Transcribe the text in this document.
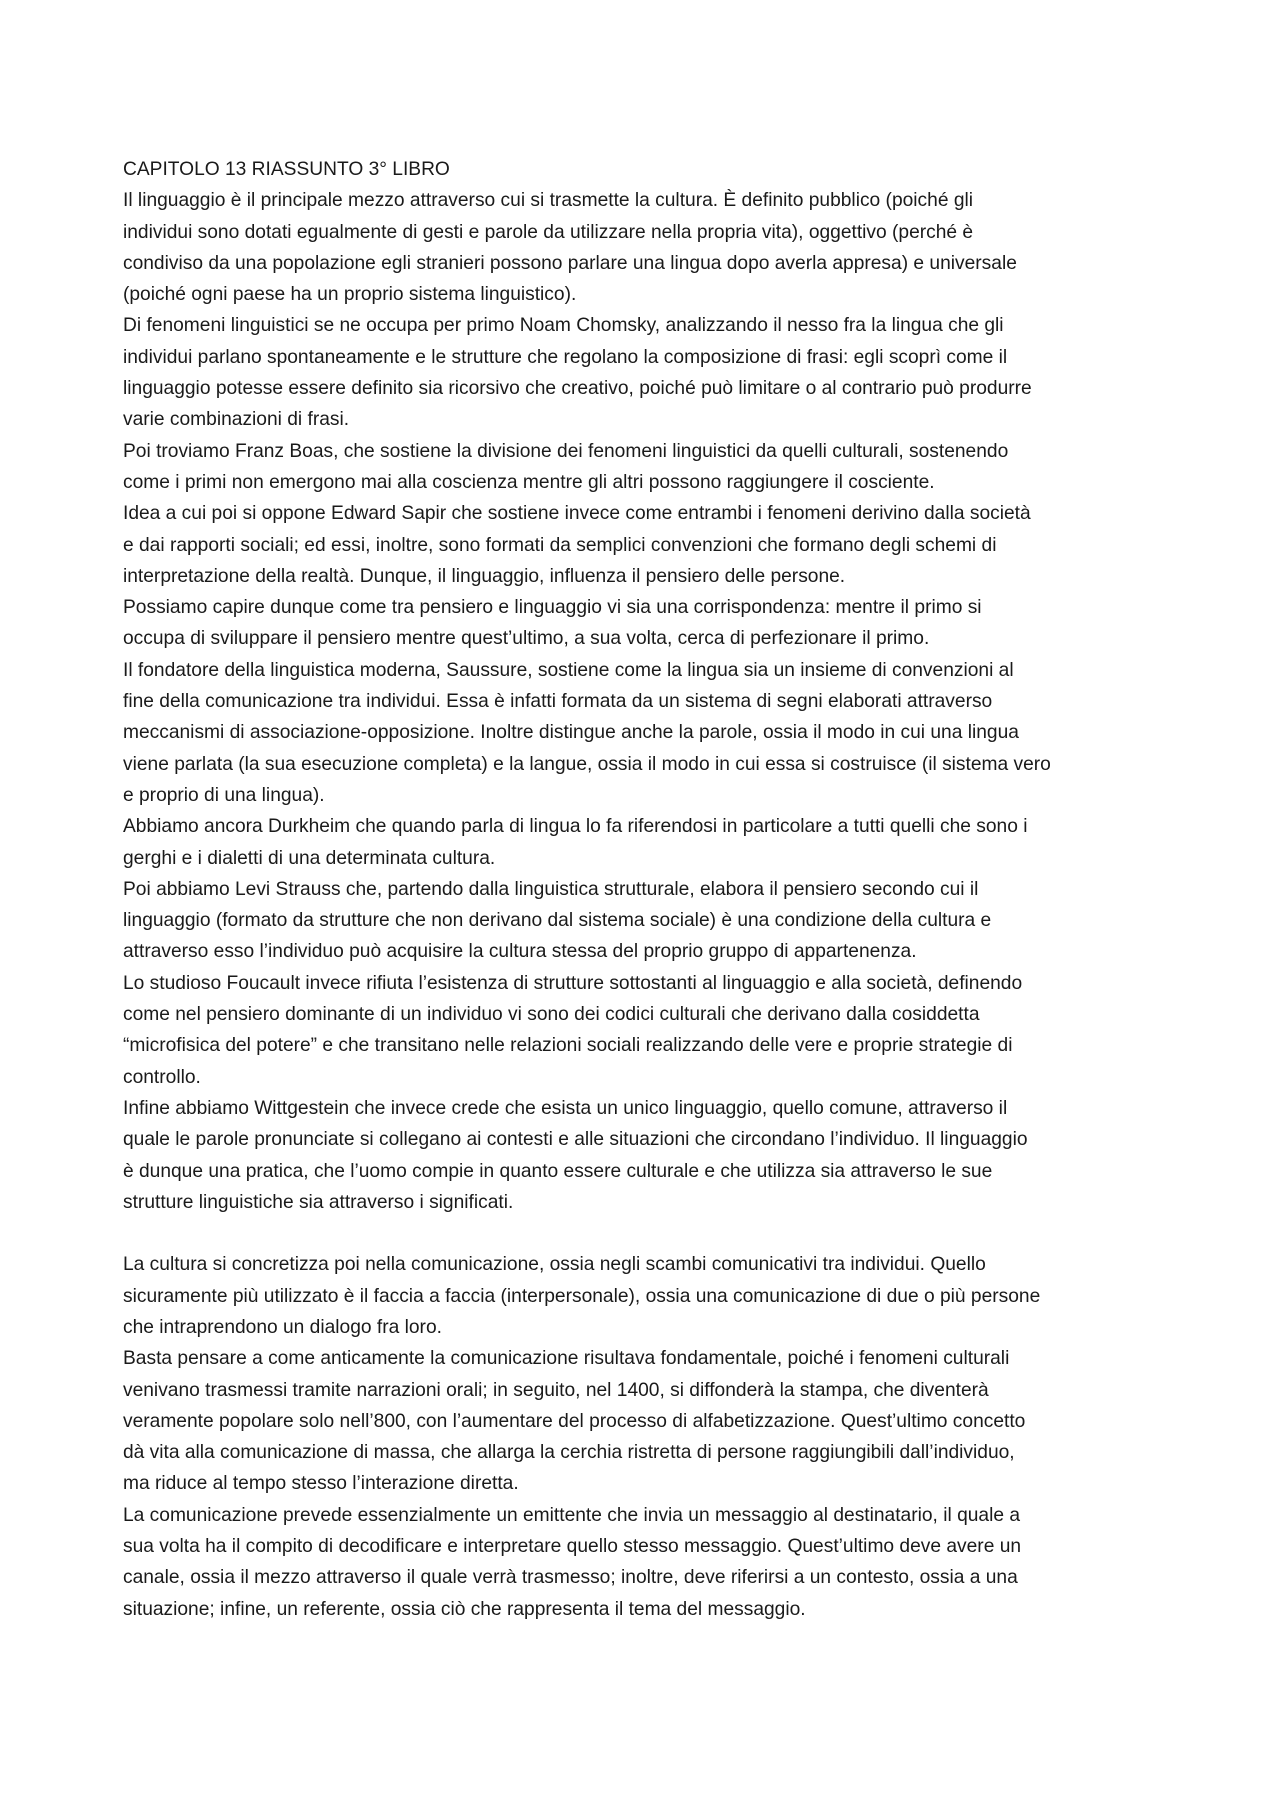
CAPITOLO 13 RIASSUNTO 3° LIBRO
Il linguaggio è il principale mezzo attraverso cui si trasmette la cultura. È definito pubblico (poiché gli
individui sono dotati egualmente di gesti e parole da utilizzare nella propria vita), oggettivo (perché è
condiviso da una popolazione egli stranieri possono parlare una lingua dopo averla appresa) e universale
(poiché ogni paese ha un proprio sistema linguistico).
Di fenomeni linguistici se ne occupa per primo Noam Chomsky, analizzando il nesso fra la lingua che gli
individui parlano spontaneamente e le strutture che regolano la composizione di frasi: egli scoprì come il
linguaggio potesse essere definito sia ricorsivo che creativo, poiché può limitare o al contrario può produrre
varie combinazioni di frasi.
Poi troviamo Franz Boas, che sostiene la divisione dei fenomeni linguistici da quelli culturali, sostenendo
come i primi non emergono mai alla coscienza mentre gli altri possono raggiungere il cosciente.
Idea a cui poi si oppone Edward Sapir che sostiene invece come entrambi i fenomeni derivino dalla società
e dai rapporti sociali; ed essi, inoltre, sono formati da semplici convenzioni che formano degli schemi di
interpretazione della realtà. Dunque, il linguaggio, influenza il pensiero delle persone.
Possiamo capire dunque come tra pensiero e linguaggio vi sia una corrispondenza: mentre il primo si
occupa di sviluppare il pensiero mentre quest’ultimo, a sua volta, cerca di perfezionare il primo.
Il fondatore della linguistica moderna, Saussure, sostiene come la lingua sia un insieme di convenzioni al
fine della comunicazione tra individui. Essa è infatti formata da un sistema di segni elaborati attraverso
meccanismi di associazione-opposizione. Inoltre distingue anche la parole, ossia il modo in cui una lingua
viene parlata (la sua esecuzione completa) e la langue, ossia il modo in cui essa si costruisce (il sistema vero
e proprio di una lingua).
Abbiamo ancora Durkheim che quando parla di lingua lo fa riferendosi in particolare a tutti quelli che sono i
gerghi e i dialetti di una determinata cultura.
Poi abbiamo Levi Strauss che, partendo dalla linguistica strutturale, elabora il pensiero secondo cui il
linguaggio (formato da strutture che non derivano dal sistema sociale) è una condizione della cultura e
attraverso esso l’individuo può acquisire la cultura stessa del proprio gruppo di appartenenza.
Lo studioso Foucault invece rifiuta l’esistenza di strutture sottostanti al linguaggio e alla società, definendo
come nel pensiero dominante di un individuo vi sono dei codici culturali che derivano dalla cosiddetta
“microfisica del potere” e che transitano nelle relazioni sociali realizzando delle vere e proprie strategie di
controllo.
Infine abbiamo Wittgestein che invece crede che esista un unico linguaggio, quello comune, attraverso il
quale le parole pronunciate si collegano ai contesti e alle situazioni che circondano l’individuo. Il linguaggio
è dunque una pratica, che l’uomo compie in quanto essere culturale e che utilizza sia attraverso le sue
strutture linguistiche sia attraverso i significati.
La cultura si concretizza poi nella comunicazione, ossia negli scambi comunicativi tra individui. Quello
sicuramente più utilizzato è il faccia a faccia (interpersonale), ossia una comunicazione di due o più persone
che intraprendono un dialogo fra loro.
Basta pensare a come anticamente la comunicazione risultava fondamentale, poiché i fenomeni culturali
venivano trasmessi tramite narrazioni orali; in seguito, nel 1400, si diffonderà la stampa, che diventerà
veramente popolare solo nell’800, con l’aumentare del processo di alfabetizzazione. Quest’ultimo concetto
dà vita alla comunicazione di massa, che allarga la cerchia ristretta di persone raggiungibili dall’individuo,
ma riduce al tempo stesso l’interazione diretta.
La comunicazione prevede essenzialmente un emittente che invia un messaggio al destinatario, il quale a
sua volta ha il compito di decodificare e interpretare quello stesso messaggio. Quest’ultimo deve avere un
canale, ossia il mezzo attraverso il quale verrà trasmesso; inoltre, deve riferirsi a un contesto, ossia a una
situazione; infine, un referente, ossia ciò che rappresenta il tema del messaggio.
